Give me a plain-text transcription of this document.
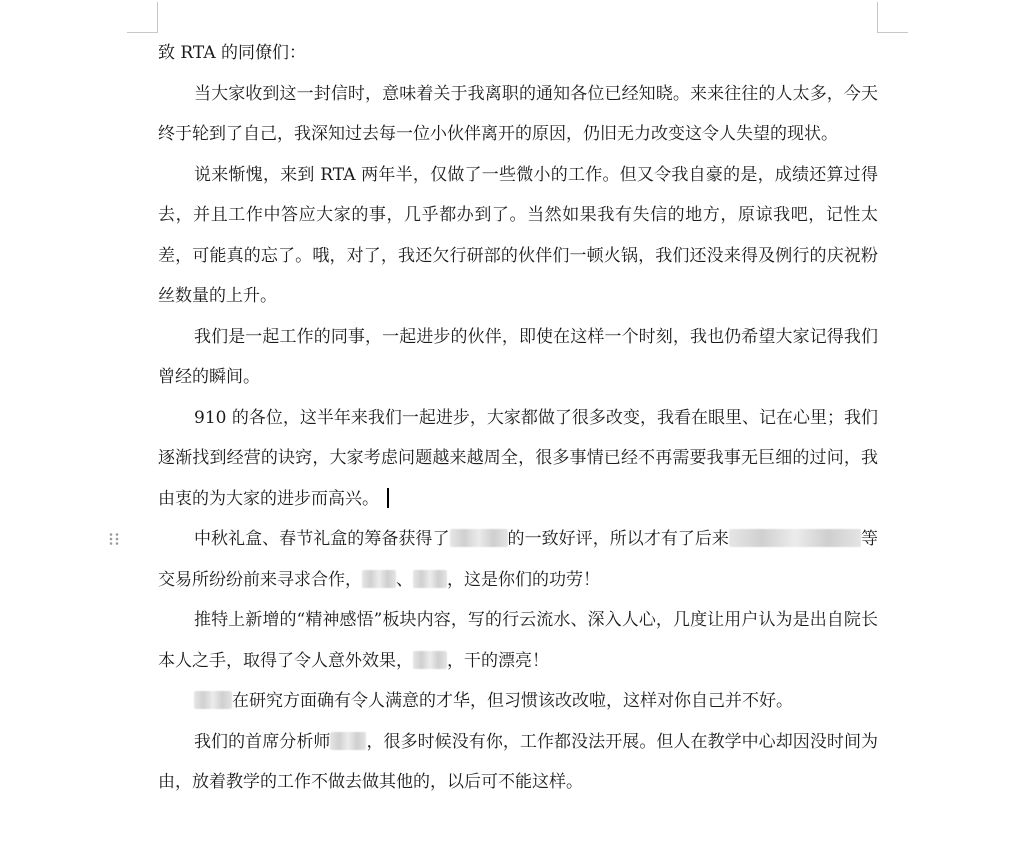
致 RTA 的同僚们：

当大家收到这一封信时，意味着关于我离职的通知各位已经知晓。来来往往的人太多，今天终于轮到了自己，我深知过去每一位小伙伴离开的原因，仍旧无力改变这令人失望的现状。

说来惭愧，来到 RTA 两年半，仅做了一些微小的工作。但又令我自豪的是，成绩还算过得去，并且工作中答应大家的事，几乎都办到了。当然如果我有失信的地方，原谅我吧，记性太差，可能真的忘了。哦，对了，我还欠行研部的伙伴们一顿火锅，我们还没来得及例行的庆祝粉丝数量的上升。

我们是一起工作的同事，一起进步的伙伴，即使在这样一个时刻，我也仍希望大家记得我们曾经的瞬间。

910 的各位，这半年来我们一起进步，大家都做了很多改变，我看在眼里、记在心里；我们逐渐找到经营的诀窍，大家考虑问题越来越周全，很多事情已经不再需要我事无巨细的过问，我由衷的为大家的进步而高兴。

中秋礼盒、春节礼盒的筹备获得了	的一致好评，所以才有了后来	等交易所纷纷前来寻求合作， 、 ，这是你们的功劳！

推特上新增的“精神感悟”板块内容，写的行云流水、深入人心，几度让用户认为是出自院长本人之手，取得了令人意外效果， ，干的漂亮！

在研究方面确有令人满意的才华，但习惯该改改啦，这样对你自己并不好。

我们的首席分析师 ，很多时候没有你，工作都没法开展。但人在教学中心却因没时间为由，放着教学的工作不做去做其他的，以后可不能这样。
